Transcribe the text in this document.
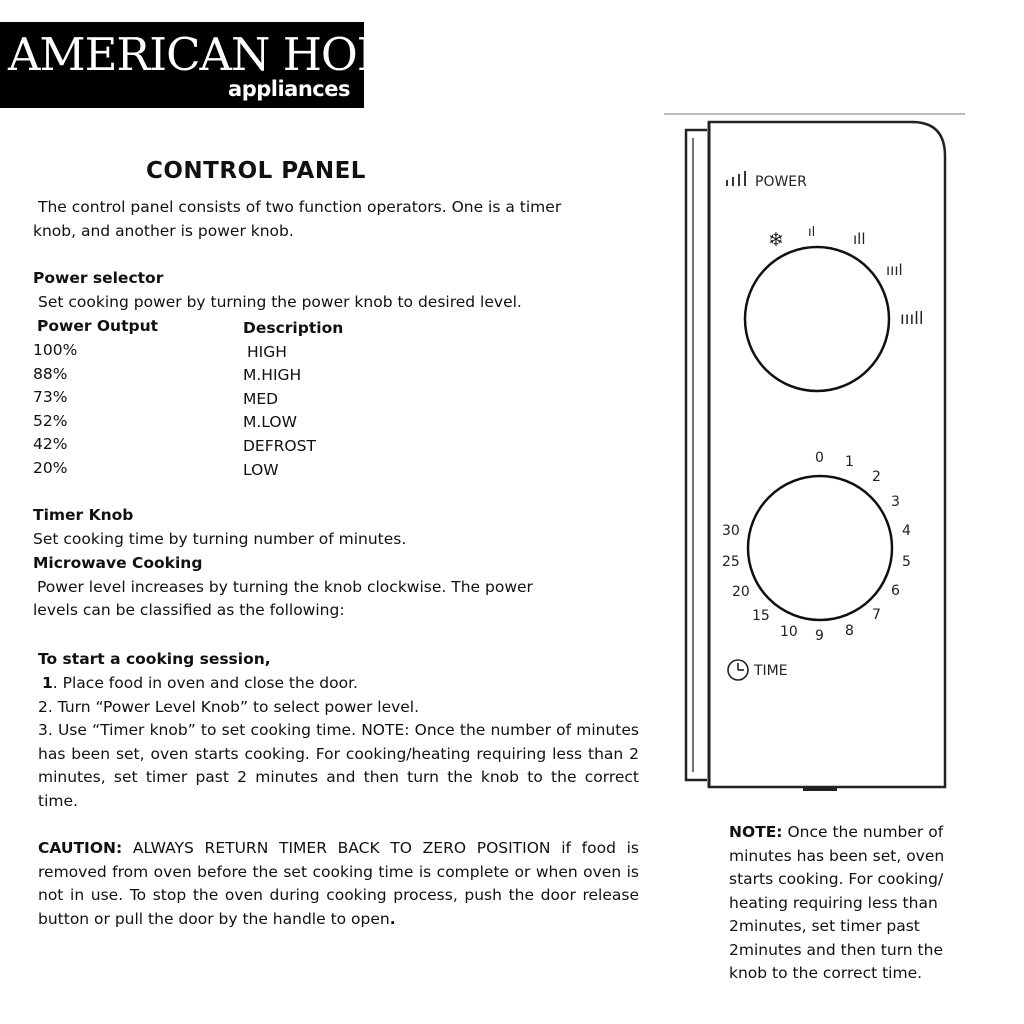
AMERICAN HOME®
appliances
CONTROL PANEL
The control panel consists of two function operators. One is a timer
knob, and another is power knob.
Power selector
Set cooking power by turning the power knob to desired level.
Power Output	Description
100%	HIGH
88%	M.HIGH
73%	MED
52%	M.LOW
42%	DEFROST
20%	LOW
Timer Knob
Set cooking time by turning number of minutes.
Microwave Cooking
Power level increases by turning the knob clockwise. The power
levels can be classified as the following:
To start a cooking session,
1. Place food in oven and close the door.
2. Turn “Power Level Knob” to select power level.
3. Use “Timer knob” to set cooking time. NOTE: Once the number of minutes has been set, oven starts cooking. For cooking/heating requiring less than 2 minutes, set timer past 2 minutes and then turn the knob to the correct time.
CAUTION: ALWAYS RETURN TIMER BACK TO ZERO POSITION if food is removed from oven before the set cooking time is complete or when oven is not in use. To stop the oven during cooking process, push the door release button or pull the door by the handle to open.
NOTE: Once the number of minutes has been set, oven starts cooking. For cooking/ heating requiring less than 2minutes, set timer past 2minutes and then turn the knob to the correct time.
POWER
❄ ıl	ıll
ıııl
ıııll
0 1
2
3
4
5
6
7
8
9
10
15
20
25
30
TIME
